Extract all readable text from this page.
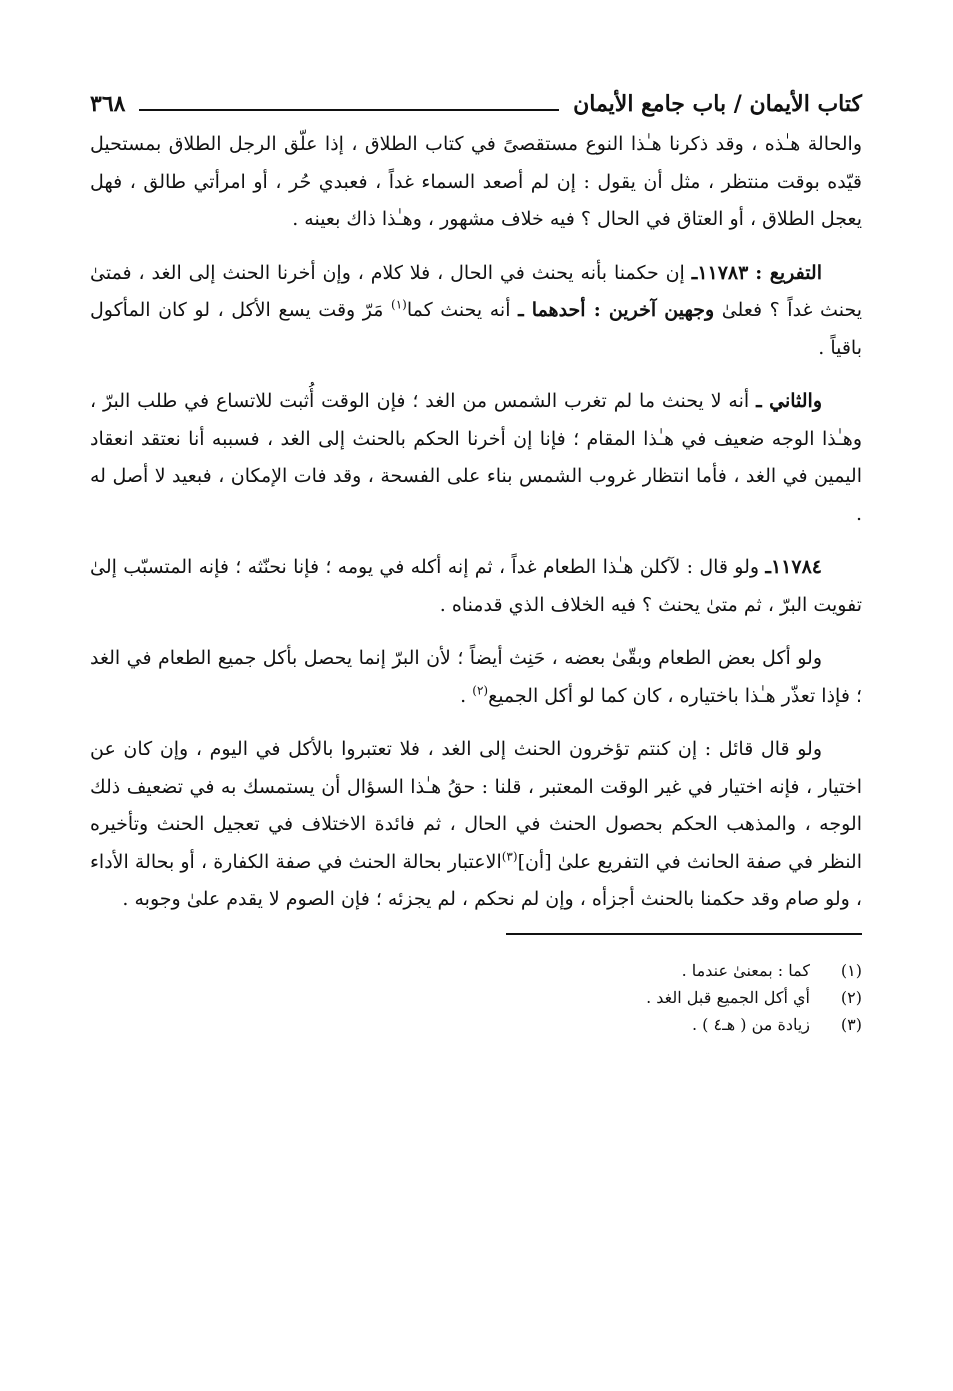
كتاب الأيمان / باب جامع الأيمان
٣٦٨

والحالة هـٰذه ، وقد ذكرنا هـٰذا النوع مستقصىً في كتاب الطلاق ، إذا علّق الرجل الطلاق بمستحيل قيّده بوقت منتظر ، مثل أن يقول : إن لم أصعد السماء غداً ، فعبدي حُر ، أو امرأتي طالق ، فهل يعجل الطلاق ، أو العتاق في الحال ؟ فيه خلاف مشهور ، وهـٰذا ذاك بعينه .

التفريع : ١١٧٨٣ـ إن حكمنا بأنه يحنث في الحال ، فلا كلام ، وإن أخرنا الحنث إلى الغد ، فمتىٰ يحنث غداً ؟ فعلىٰ وجهين آخرين : أحدهما ـ أنه يحنث كما$^{(١)}$ مَرّ وقت يسع الأكل ، لو كان المأكول باقياً .

والثاني ـ أنه لا يحنث ما لم تغرب الشمس من الغد ؛ فإن الوقت أُثبت للاتساع في طلب البرّ ، وهـٰذا الوجه ضعيف في هـٰذا المقام ؛ فإنا إن أخرنا الحكم بالحنث إلى الغد ، فسببه أنا نعتقد انعقاد اليمين في الغد ، فأما انتظار غروب الشمس بناء على الفسحة ، وقد فات الإمكان ، فبعيد لا أصل له .

١١٧٨٤ـ ولو قال : لآكلن هـٰذا الطعام غداً ، ثم إنه أكله في يومه ؛ فإنا نحنّثه ؛ فإنه المتسبّب إلىٰ تفويت البرّ ، ثم متىٰ يحنث ؟ فيه الخلاف الذي قدمناه .

ولو أكل بعض الطعام وبقّىٰ بعضه ، حَنِث أيضاً ؛ لأن البرّ إنما يحصل بأكل جميع الطعام في الغد ؛ فإذا تعذّر هـٰذا باختياره ، كان كما لو أكل الجميع$^{(٢)}$ .

ولو قال قائل : إن كنتم تؤخرون الحنث إلى الغد ، فلا تعتبروا بالأكل في اليوم ، وإن كان عن اختيار ، فإنه اختيار في غير الوقت المعتبر ، قلنا : حقُ هـٰذا السؤال أن يستمسك به في تضعيف ذلك الوجه ، والمذهب الحكم بحصول الحنث في الحال ، ثم فائدة الاختلاف في تعجيل الحنث وتأخيره النظر في صفة الحانث في التفريع علىٰ [أن]$^{(٣)}$الاعتبار بحالة الحنث في صفة الكفارة ، أو بحالة الأداء ، ولو صام وقد حكمنا بالحنث أجزأه ، وإن لم نحكم ، لم يجزئه ؛ فإن الصوم لا يقدم علىٰ وجوبه .

(١)
كما : بمعنىٰ عندما .
(٢)
أي أكل الجميع قبل الغد .
(٣)
زيادة من ( هـ٤ ) .
